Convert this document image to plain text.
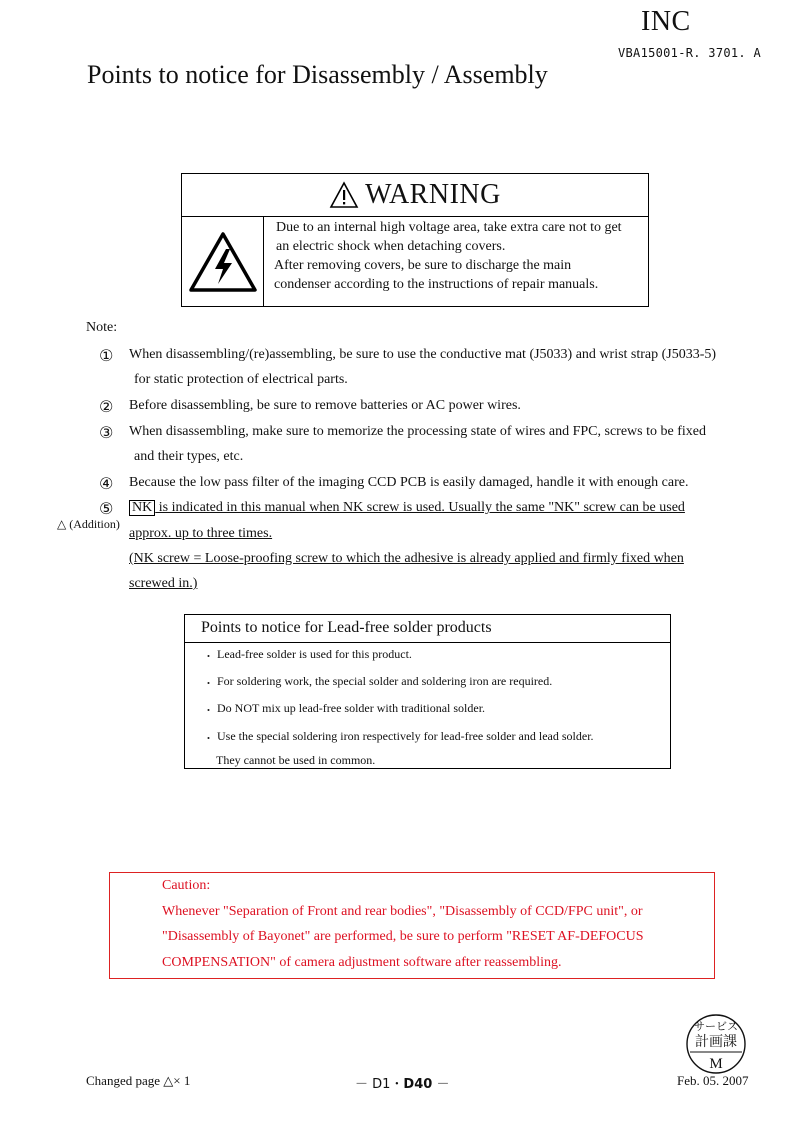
INC
VBA15001-R. 3701. A
Points to notice for Disassembly / Assembly
WARNING
Due to an internal high voltage area, take extra care not to get
an electric shock when detaching covers.
After removing covers, be sure to discharge the main
condenser according to the instructions of repair manuals.
Note:
① When disassembling/(re)assembling, be sure to use the conductive mat (J5033) and wrist strap (J5033-5)
for static protection of electrical parts.
② Before disassembling, be sure to remove batteries or AC power wires.
③ When disassembling, make sure to memorize the processing state of wires and FPC, screws to be fixed
and their types, etc.
④ Because the low pass filter of the imaging CCD PCB is easily damaged, handle it with enough care.
⑤ NK is indicated in this manual when NK screw is used. Usually the same "NK" screw can be used
△ (Addition)
approx. up to three times.
(NK screw = Loose-proofing screw to which the adhesive is already applied and firmly fixed when
screwed in.)
Points to notice for Lead-free solder products
・ Lead-free solder is used for this product.
・ For soldering work, the special solder and soldering iron are required.
・ Do NOT mix up lead-free solder with traditional solder.
・ Use the special soldering iron respectively for lead-free solder and lead solder.
They cannot be used in common.
Caution:
Whenever "Separation of Front and rear bodies", "Disassembly of CCD/FPC unit", or
"Disassembly of Bayonet" are performed, be sure to perform "RESET AF-DEFOCUS
COMPENSATION" of camera adjustment software after reassembling.
サービス
計画課
M
Changed page △× 1	－ D1・D40 －	Feb. 05. 2007
